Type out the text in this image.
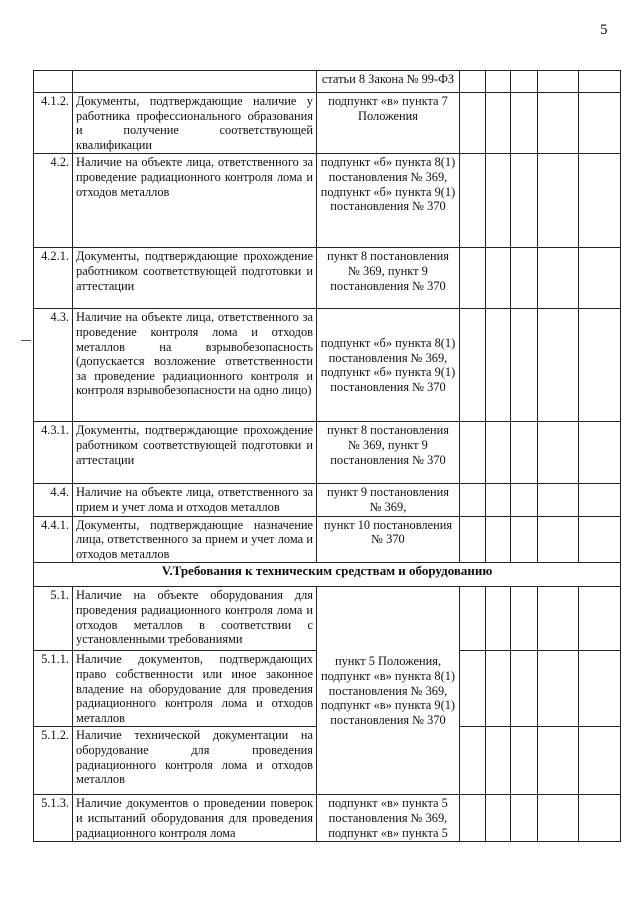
5
		статьи 8 Закона № 99-ФЗ					
4.1.2.	Документы, подтверждающие наличие у работника профессионального образования и получение соответствующей квалификации	подпункт «в» пункта 7 Положения					
4.2.	Наличие на объекте лица, ответственного за проведение радиационного контроля лома и отходов металлов	подпункт «б» пункта 8(1) постановления № 369, подпункт «б» пункта 9(1) постановления № 370					
4.2.1.	Документы, подтверждающие прохождение работником соответствующей подготовки и аттестации	пункт 8 постановления № 369, пункт 9 постановления № 370					
4.3.	Наличие на объекте лица, ответственного за проведение контроля лома и отходов металлов на взрывобезопасность (допускается возложение ответственности за проведение радиационного контроля и контроля взрывобезопасности на одно лицо)	подпункт «б» пункта 8(1) постановления № 369, подпункт «б» пункта 9(1) постановления № 370					
4.3.1.	Документы, подтверждающие прохождение работником соответствующей подготовки и аттестации	пункт 8 постановления № 369, пункт 9 постановления № 370					
4.4.	Наличие на объекте лица, ответственного за прием и учет лома и отходов металлов	пункт 9 постановления № 369,					
4.4.1.	Документы, подтверждающие назначение лица, ответственного за прием и учет лома и отходов металлов	пункт 10 постановления № 370					
V.Требования к техническим средствам и оборудованию							
5.1.	Наличие на объекте оборудования для проведения радиационного контроля лома и отходов металлов в соответствии с установленными требованиями	пункт 5 Положения, подпункт «в» пункта 8(1) постановления № 369, подпункт «в» пункта 9(1) постановления № 370					
5.1.1.	Наличие документов, подтверждающих право собственности или иное законное владение на оборудование для проведения радиационного контроля лома и отходов металлов						
5.1.2.	Наличие технической документации на оборудование для проведения радиационного контроля лома и отходов металлов						
5.1.3.	Наличие документов о проведении поверок и испытаний оборудования для проведения радиационного контроля лома	подпункт «в» пункта 5 постановления № 369, подпункт «в» пункта 5					
